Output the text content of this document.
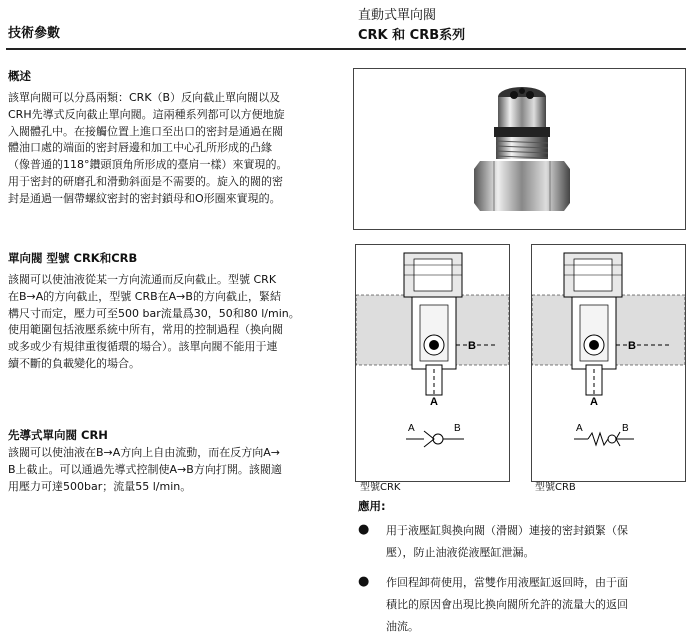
技術參數
直動式單向閥
CRK 和 CRB系列
概述
該單向閥可以分爲兩類：CRK（B）反向截止單向閥以及
CRH先導式反向截止單向閥。這兩種系列都可以方便地旋
入閥體孔中。在接觸位置上進口至出口的密封是通過在閥
體油口處的端面的密封唇邊和加工中心孔所形成的凸緣
（像普通的118°鑽頭頂角所形成的臺肩一樣）來實現的。
用于密封的研磨孔和滑動斜面是不需要的。旋入的閥的密
封是通過一個帶螺紋密封的密封鎖母和O形圈來實現的。
單向閥 型號 CRK和CRB
該閥可以使油液從某一方向流通而反向截止。型號 CRK
在B→A的方向截止，型號 CRB在A→B的方向截止，緊結
構尺寸而定，壓力可至500 bar流量爲30，50和80 l/min。
使用範圍包括液壓系統中所有，常用的控制過程（換向閥
或多或少有規律重復循環的場合）。該單向閥不能用于連
續不斷的負載變化的場合。
先導式單向閥 CRH
該閥可以使油液在B→A方向上自由流動，而在反方向A→
B上截止。可以通過先導式控制使A→B方向打開。該閥適
用壓力可達500bar；流量55 l/min。
B
A
A	B
B
A
A	B
型號CRK	型號CRB
應用:
● 用于液壓缸與換向閥（滑閥）連接的密封鎖緊（保
壓），防止油液從液壓缸泄漏。
● 作回程卸荷使用，當雙作用液壓缸返回時，由于面
積比的原因會出現比換向閥所允許的流量大的返回
油流。
